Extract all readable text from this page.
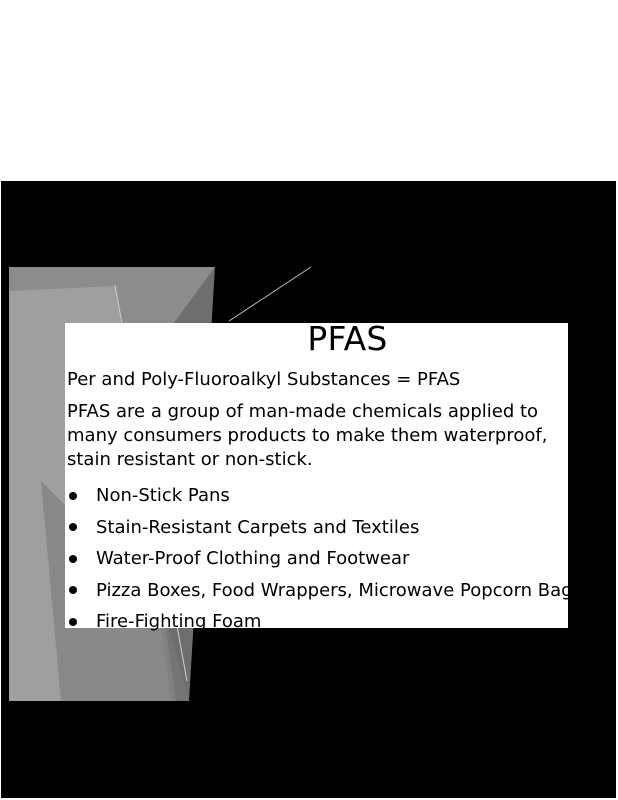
PFAS

Per and Poly-Fluoroalkyl Substances = PFAS

PFAS are a group of man-made chemicals applied to many consumers products to make them waterproof, stain resistant or non-stick.

Non-Stick Pans
Stain-Resistant Carpets and Textiles
Water-Proof Clothing and Footwear
Pizza Boxes, Food Wrappers, Microwave Popcorn Bags
Fire-Fighting Foam
